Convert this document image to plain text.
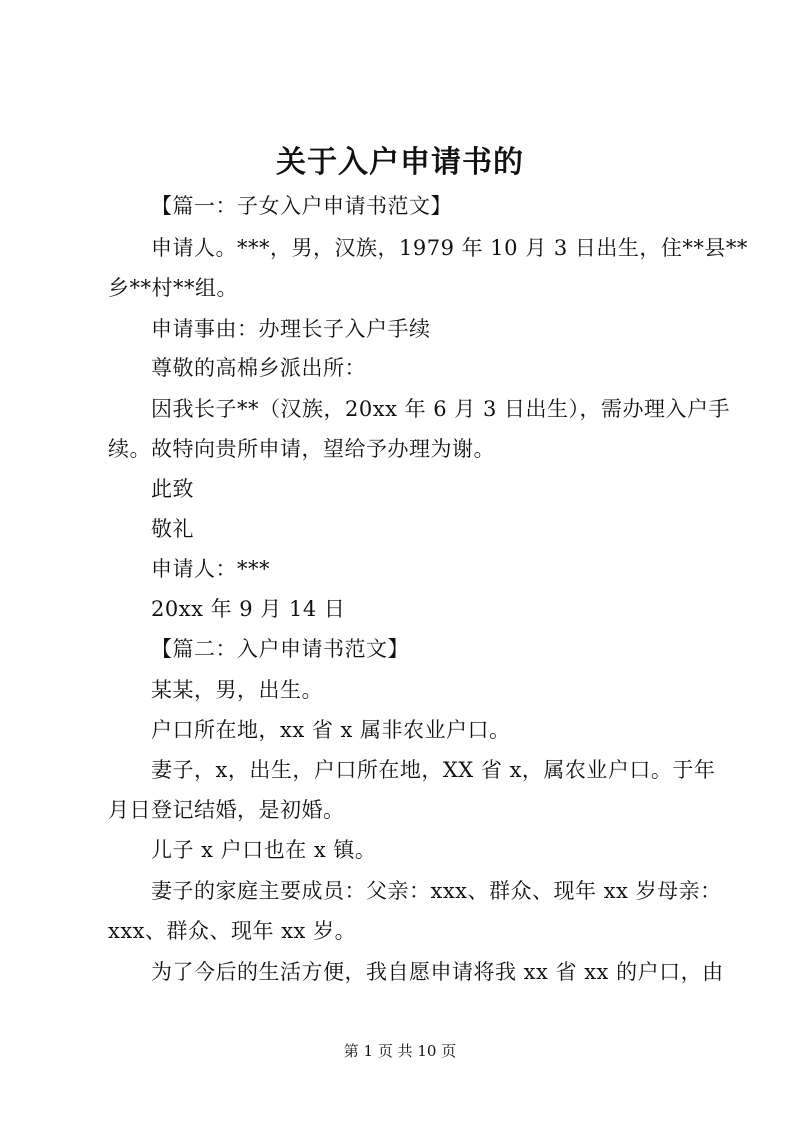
关于入户申请书的
【篇一：子女入户申请书范文】
申请人。***，男，汉族，1979 年 10 月 3 日出生，住**县**
乡**村**组。
申请事由：办理长子入户手续
尊敬的高棉乡派出所：
因我长子**（汉族，20xx 年 6 月 3 日出生），需办理入户手
续。故特向贵所申请，望给予办理为谢。
此致
敬礼
申请人：***
20xx 年 9 月 14 日
【篇二：入户申请书范文】
某某，男，出生。
户口所在地，xx 省 x 属非农业户口。
妻子，x，出生，户口所在地，XX 省 x，属农业户口。于年
月日登记结婚，是初婚。
儿子 x 户口也在 x 镇。
妻子的家庭主要成员：父亲：xxx、群众、现年 xx 岁母亲：
xxx、群众、现年 xx 岁。
为了今后的生活方便，我自愿申请将我 xx 省 xx 的户口，由
第 1 页 共 10 页
